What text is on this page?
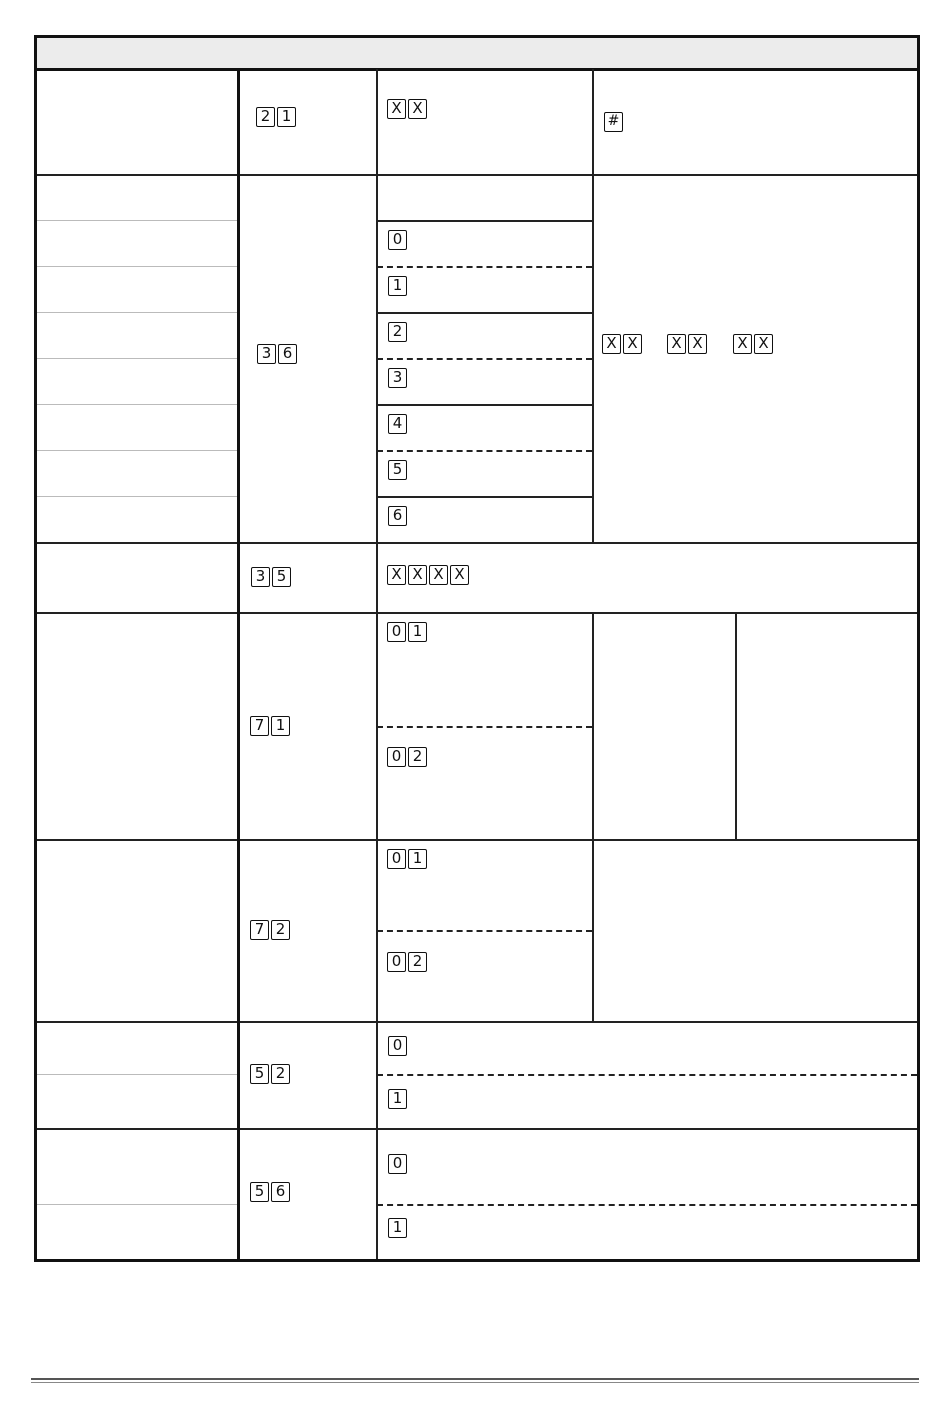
2 1	X X
#
3 6
0
1
2
3
4
5
6
X X X X X X
3 5	X X X X
7 1
0 1
0 2
7 2
0 1
0 2
5 2
0
1
5 6
0
1
